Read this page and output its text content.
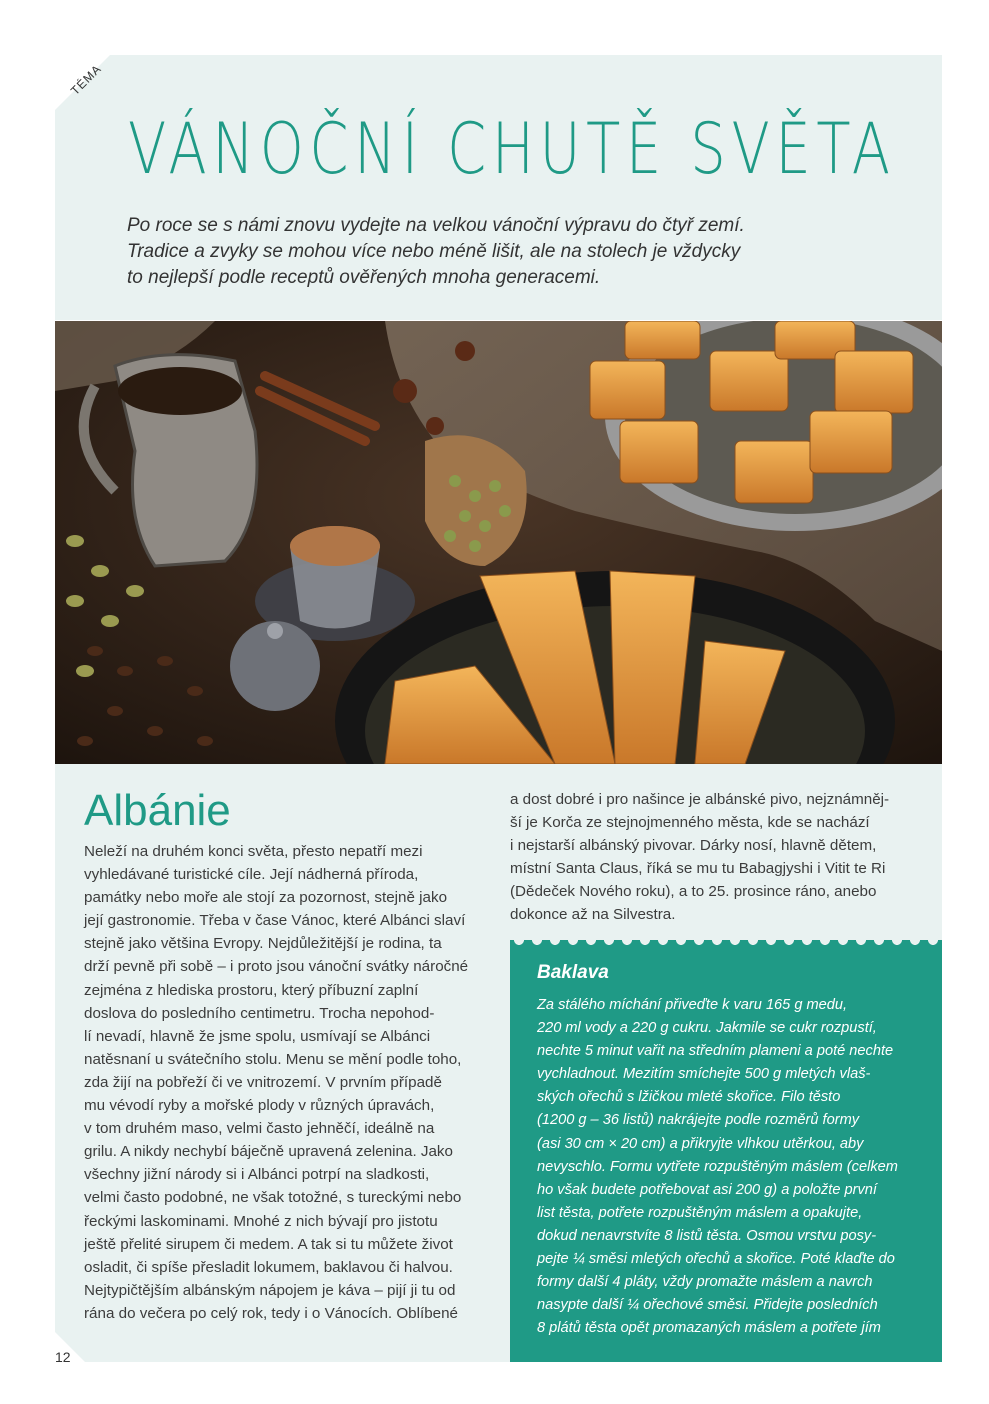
TÉMA
VÁNOČNÍ CHUTĚ SVĚTA
Po roce se s námi znovu vydejte na velkou vánoční výpravu do čtyř zemí.
Tradice a zvyky se mohou více nebo méně lišit, ale na stolech je vždycky
to nejlepší podle receptů ověřených mnoha generacemi.
Albánie
Neleží na druhém konci světa, přesto nepatří mezi
vyhledávané turistické cíle. Její nádherná příroda,
památky nebo moře ale stojí za pozornost, stejně jako
její gastronomie. Třeba v čase Vánoc, které Albánci slaví
stejně jako většina Evropy. Nejdůležitější je rodina, ta
drží pevně při sobě – i proto jsou vánoční svátky náročné
zejména z hlediska prostoru, který příbuzní zaplní
doslova do posledního centimetru. Trocha nepohod-
lí nevadí, hlavně že jsme spolu, usmívají se Albánci
natěsnaní u svátečního stolu. Menu se mění podle toho,
zda žijí na pobřeží či ve vnitrozemí. V prvním případě
mu vévodí ryby a mořské plody v různých úpravách,
v tom druhém maso, velmi často jehněčí, ideálně na
grilu. A nikdy nechybí báječně upravená zelenina. Jako
všechny jižní národy si i Albánci potrpí na sladkosti,
velmi často podobné, ne však totožné, s tureckými nebo
řeckými laskominami. Mnohé z nich bývají pro jistotu
ještě přelité sirupem či medem. A tak si tu můžete život
osladit, či spíše přesladit lokumem, baklavou či halvou.
Nejtypičtějším albánským nápojem je káva – pijí ji tu od
rána do večera po celý rok, tedy i o Vánocích. Oblíbené
a dost dobré i pro našince je albánské pivo, nejznámněj-
ší je Korča ze stejnojmenného města, kde se nachází
i nejstarší albánský pivovar. Dárky nosí, hlavně dětem,
místní Santa Claus, říká se mu tu Babagjyshi i Vitit te Ri
(Dědeček Nového roku), a to 25. prosince ráno, anebo
dokonce až na Silvestra.
Baklava
Za stálého míchání přiveďte k varu 165 g medu,
220 ml vody a 220 g cukru. Jakmile se cukr rozpustí,
nechte 5 minut vařit na středním plameni a poté nechte
vychladnout. Mezitím smíchejte 500 g mletých vlaš-
ských ořechů s lžičkou mleté skořice. Filo těsto
(1200 g – 36 listů) nakrájejte podle rozměrů formy
(asi 30 cm × 20 cm) a přikryjte vlhkou utěrkou, aby
nevyschlo. Formu vytřete rozpuštěným máslem (celkem
ho však budete potřebovat asi 200 g) a položte první
list těsta, potřete rozpuštěným máslem a opakujte,
dokud nenavrstvíte 8 listů těsta. Osmou vrstvu posy-
pejte ¼ směsi mletých ořechů a skořice. Poté klaďte do
formy další 4 pláty, vždy promažte máslem a navrch
nasypte další ¼ ořechové směsi. Přidejte posledních
8 plátů těsta opět promazaných máslem a potřete jím
12
